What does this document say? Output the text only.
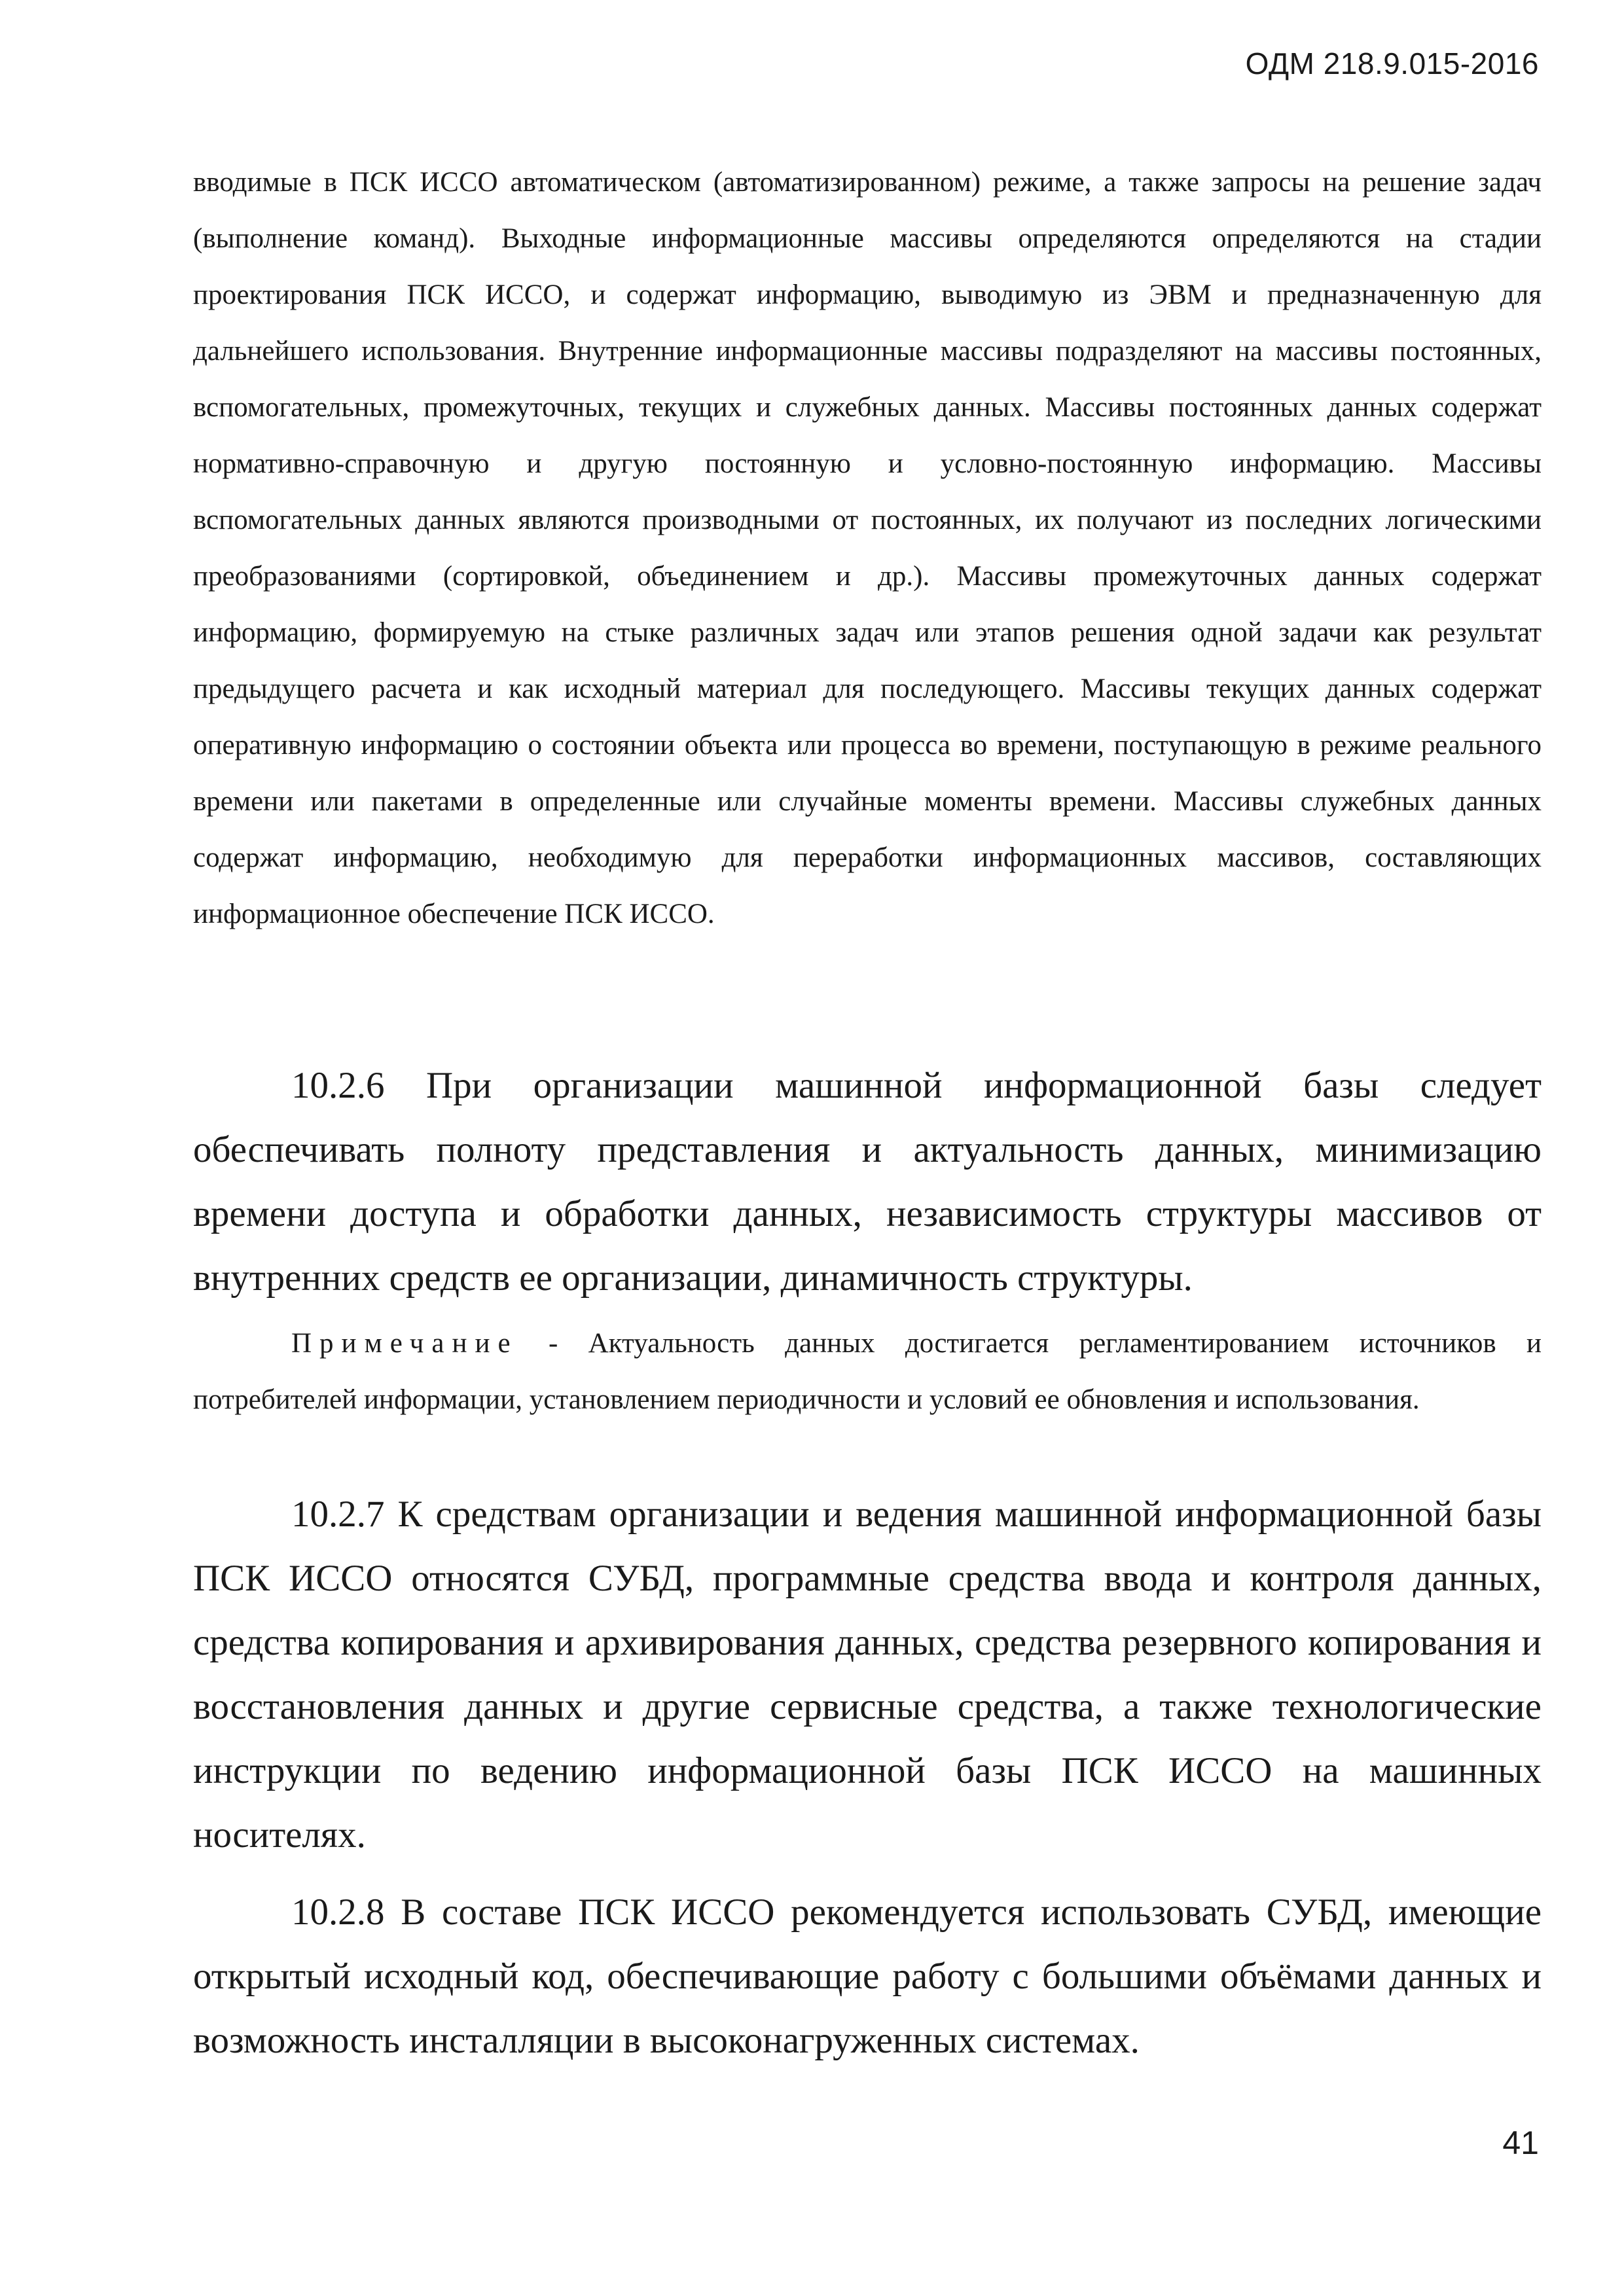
ОДМ 218.9.015-2016

вводимые в ПСК ИССО автоматическом (автоматизированном) режиме, а также запросы на решение задач (выполнение команд). Выходные информационные массивы определяются определяются на стадии проектирования ПСК ИССО, и содержат информацию, выводимую из ЭВМ и предназначенную для дальнейшего использования. Внутренние информационные массивы подразделяют на массивы постоянных, вспомогательных, промежуточных, текущих и служебных данных. Массивы постоянных данных содержат нормативно-справочную и другую постоянную и условно-постоянную информацию. Массивы вспомогательных данных являются производными от постоянных, их получают из последних логическими преобразованиями (сортировкой, объединением и др.). Массивы промежуточных данных содержат информацию, формируемую на стыке различных задач или этапов решения одной задачи как результат предыдущего расчета и как исходный материал для последующего. Массивы текущих данных содержат оперативную информацию о состоянии объекта или процесса во времени, поступающую в режиме реального времени или пакетами в определенные или случайные моменты времени. Массивы служебных данных содержат информацию, необходимую для переработки информационных массивов, составляющих информационное обеспечение ПСК ИССО.

10.2.6 При организации машинной информационной базы следует обеспечивать полноту представления и актуальность данных, минимизацию времени доступа и обработки данных, независимость структуры массивов от внутренних средств ее организации, динамичность структуры.

Примечание - Актуальность данных достигается регламентированием источников и потребителей информации, установлением периодичности и условий ее обновления и использования.

10.2.7 К средствам организации и ведения машинной информационной базы ПСК ИССО относятся СУБД, программные средства ввода и контроля данных, средства копирования и архивирования данных, средства резервного копирования и восстановления данных и другие сервисные средства, а также технологические инструкции по ведению информационной базы ПСК ИССО на машинных носителях.

10.2.8 В составе ПСК ИССО рекомендуется использовать СУБД, имеющие открытый исходный код, обеспечивающие работу с большими объёмами данных и возможность инсталляции в высоконагруженных системах.

41
